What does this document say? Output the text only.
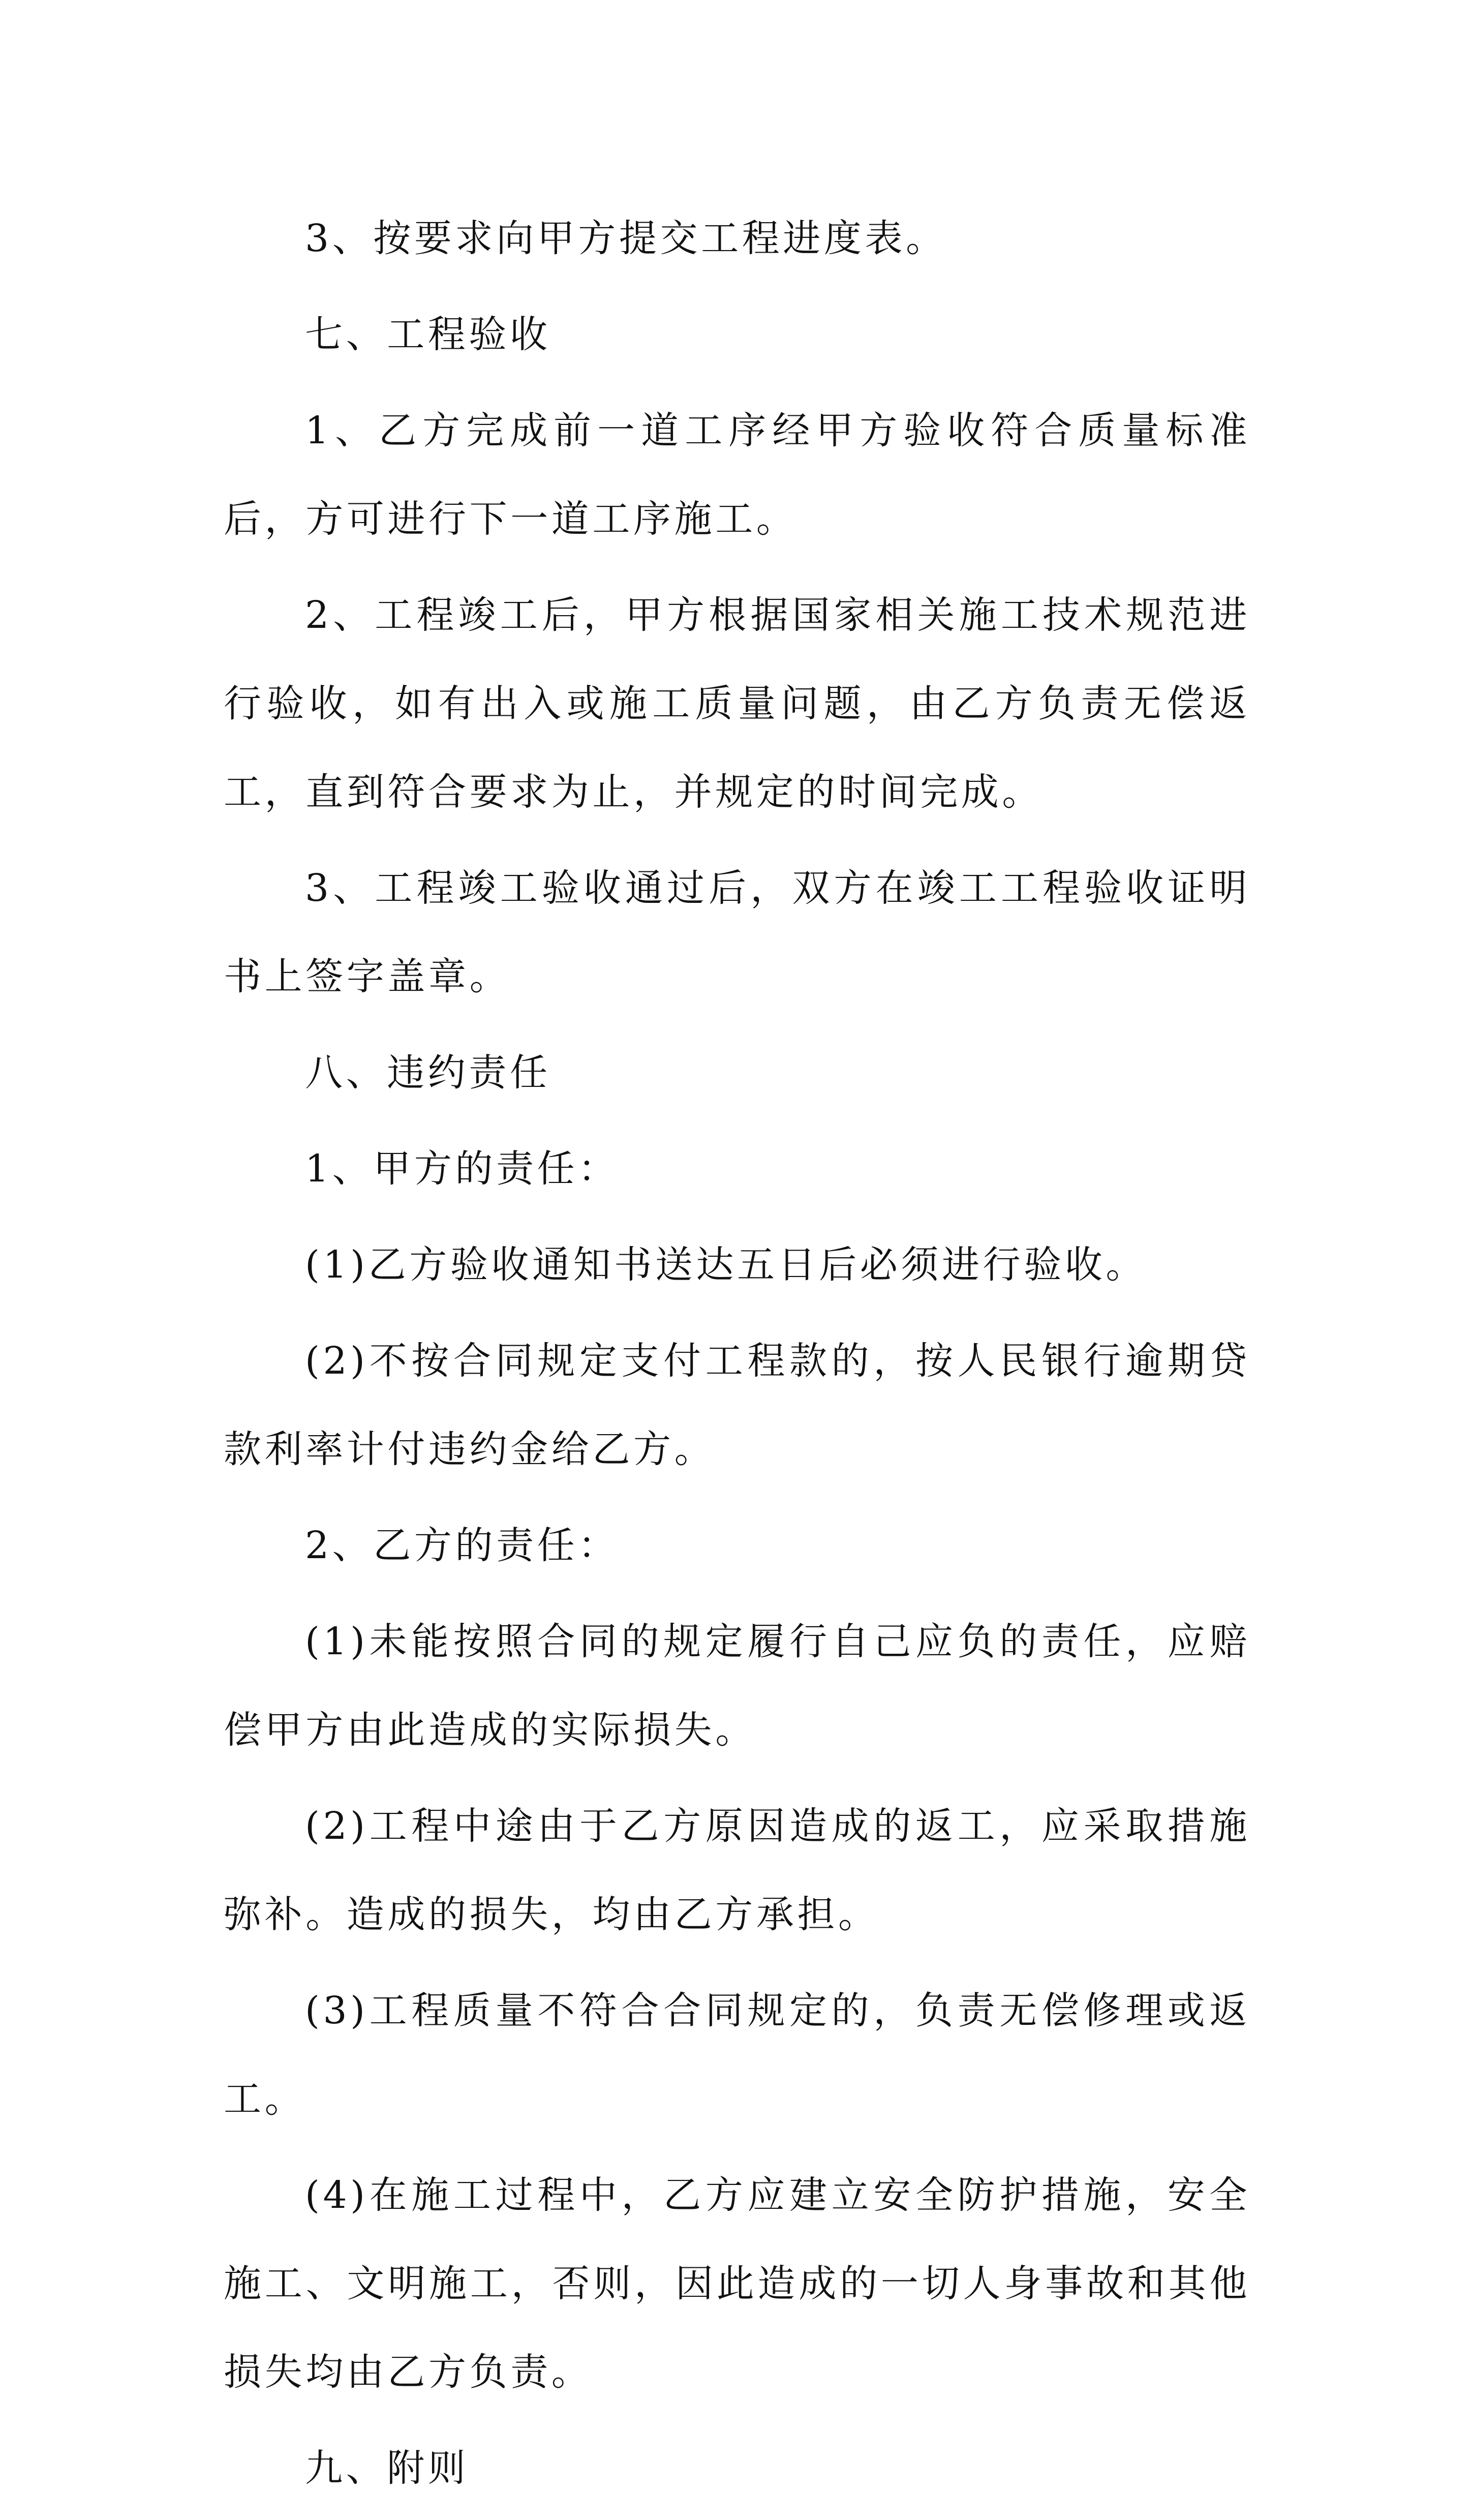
3、按要求向甲方提交工程进度表。

七、工程验收

1、乙方完成前一道工序经甲方验收符合质量标准后，方可进行下一道工序施工。

2、工程竣工后，甲方根据国家相关施工技术规范进行验收，如有出入或施工质量问题，由乙方负责无偿返工，直到符合要求为止，并规定的时间完成。

3、工程竣工验收通过后，双方在竣工工程验收证明书上签字盖章。

八、违约责任

1、甲方的责任：

(1)乙方验收通知书送达五日后必须进行验收。

(2)不按合同规定支付工程款的，按人民银行逾期贷款利率计付违约金给乙方。

2、乙方的责任：

(1)未能按照合同的规定履行自己应负的责任，应赔偿甲方由此造成的实际损失。

(2)工程中途由于乙方原因造成的返工，应采取措施弥补。造成的损失，均由乙方承担。

(3)工程质量不符合合同规定的，负责无偿修理或返工。

(4)在施工过程中，乙方应建立安全防护措施，安全施工、文明施工，否则，因此造成的一切人身事故和其他损失均由乙方负责。

九、附则
